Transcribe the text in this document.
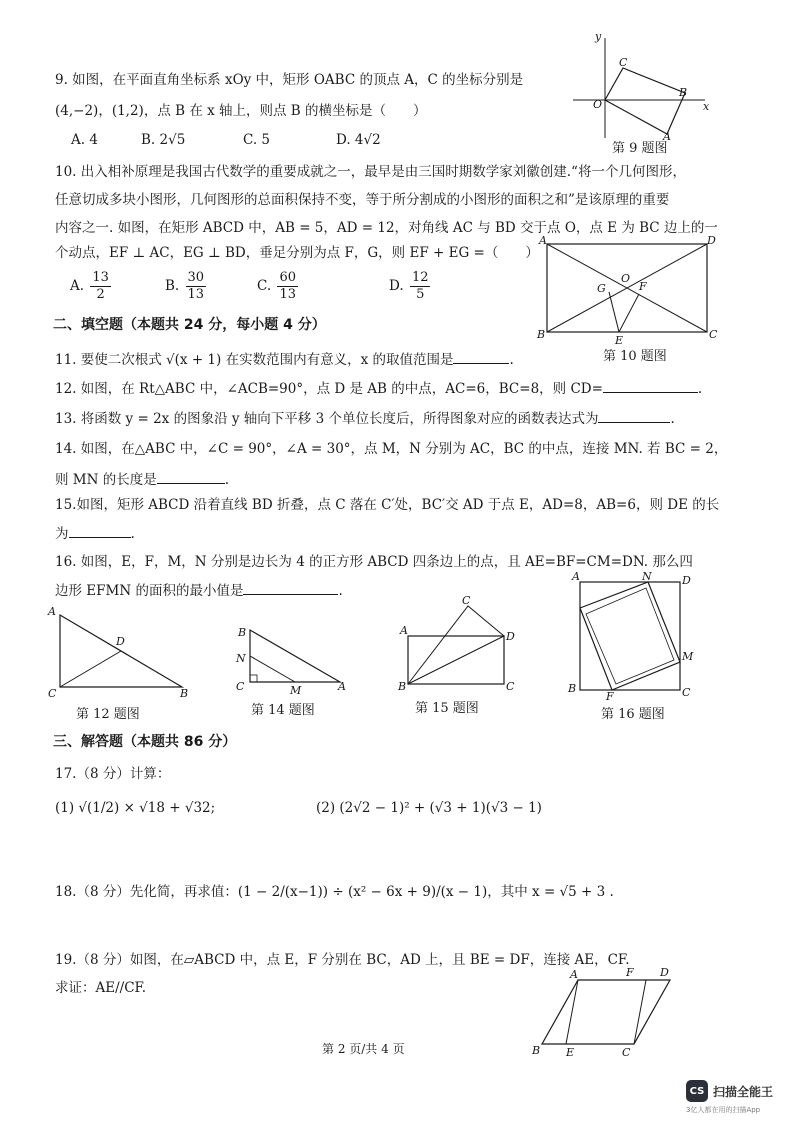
9. 如图，在平面直角坐标系 xOy 中，矩形 OABC 的顶点 A，C 的坐标分别是
(4,−2)，(1,2)，点 B 在 x 轴上，则点 B 的横坐标是（　　）
A. 4	B. 2√5	C. 5	D. 4√2
y
x
O
C
B
A
第 9 题图
10. 出入相补原理是我国古代数学的重要成就之一，最早是由三国时期数学家刘徽创建.“将一个几何图形，
任意切成多块小图形，几何图形的总面积保持不变，等于所分割成的小图形的面积之和”是该原理的重要
内容之一. 如图，在矩形 ABCD 中，AB = 5，AD = 12，对角线 AC 与 BD 交于点 O，点 E 为 BC 边上的一
个动点，EF ⊥ AC，EG ⊥ BD，垂足分别为点 F，G，则 EF + EG =（　　）
A. $\frac{13}{2}$	B. $\frac{30}{13}$	C. $\frac{60}{13}$	D. $\frac{12}{5}$
A	D
B	C
O
G	F
E
第 10 题图
二、填空题（本题共 24 分，每小题 4 分）
11. 要使二次根式 √(x + 1) 在实数范围内有意义，x 的取值范围是	.
12. 如图，在 Rt△ABC 中，∠ACB=90°，点 D 是 AB 的中点，AC=6，BC=8，则 CD=	.
13. 将函数 y = 2x 的图象沿 y 轴向下平移 3 个单位长度后，所得图象对应的函数表达式为	.
14. 如图，在△ABC 中，∠C = 90°，∠A = 30°，点 M，N 分别为 AC，BC 的中点，连接 MN. 若 BC = 2，
则 MN 的长度是	.
15.如图，矩形 ABCD 沿着直线 BD 折叠，点 C 落在 C′处，BC′交 AD 于点 E，AD=8，AB=6，则 DE 的长
为	.
16. 如图，E，F，M，N 分别是边长为 4 的正方形 ABCD 四条边上的点，且 AE=BF=CM=DN. 那么四
边形 EFMN 的面积的最小值是	.
A
D
C	B
第 12 题图
B
N
C	M	A
第 14 题图
A
C
D
B	C
第 15 题图
A	N	D
M
B
F	C
第 16 题图
三、解答题（本题共 86 分）
17.（8 分）计算：
(1) √(1/2) × √18 + √32;	(2) (2√2 − 1)² + (√3 + 1)(√3 − 1)
18.（8 分）先化简，再求值：(1 − 2/(x−1)) ÷ (x² − 6x + 9)/(x − 1)，其中 x = √5 + 3 .
19.（8 分）如图，在▱ABCD 中，点 E，F 分别在 BC，AD 上，且 BE = DF，连接 AE，CF.
求证：AE//CF.
A	F D
B E	C
第 2 页/共 4 页
CS 扫描全能王
3亿人都在用的扫描App
